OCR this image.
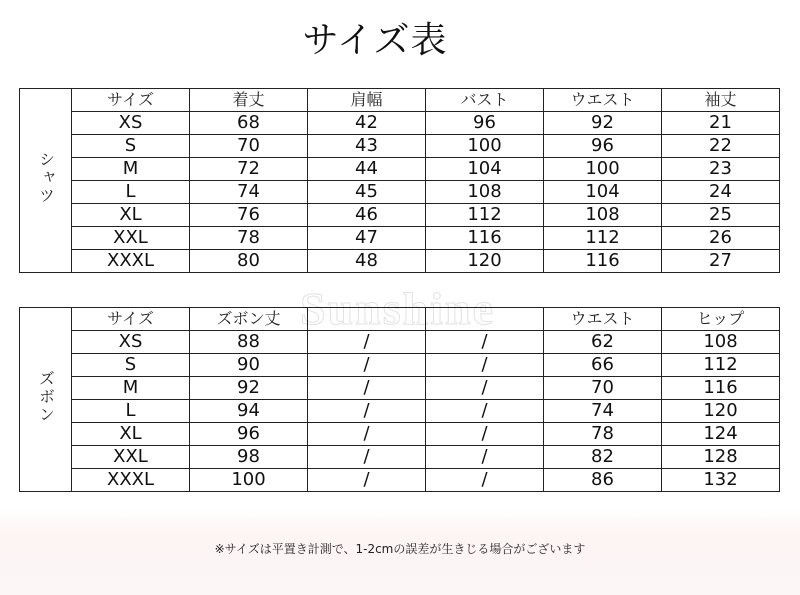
サイズ表
シャツ	サイズ	着丈	肩幅	バスト	ウエスト	袖丈
	XS	68	42	96	92	21
	S	70	43	100	96	22
	M	72	44	104	100	23
	L	74	45	108	104	24
	XL	76	46	112	108	25
	XXL	78	47	116	112	26
	XXXL	80	48	120	116	27
Sunshine
ズボン	サイズ	ズボン丈			ウエスト	ヒップ
	XS	88	/	/	62	108
	S	90	/	/	66	112
	M	92	/	/	70	116
	L	94	/	/	74	120
	XL	96	/	/	78	124
	XXL	98	/	/	82	128
	XXXL	100	/	/	86	132
※サイズは平置き計測で、1-2cmの誤差が生きじる場合がございます
